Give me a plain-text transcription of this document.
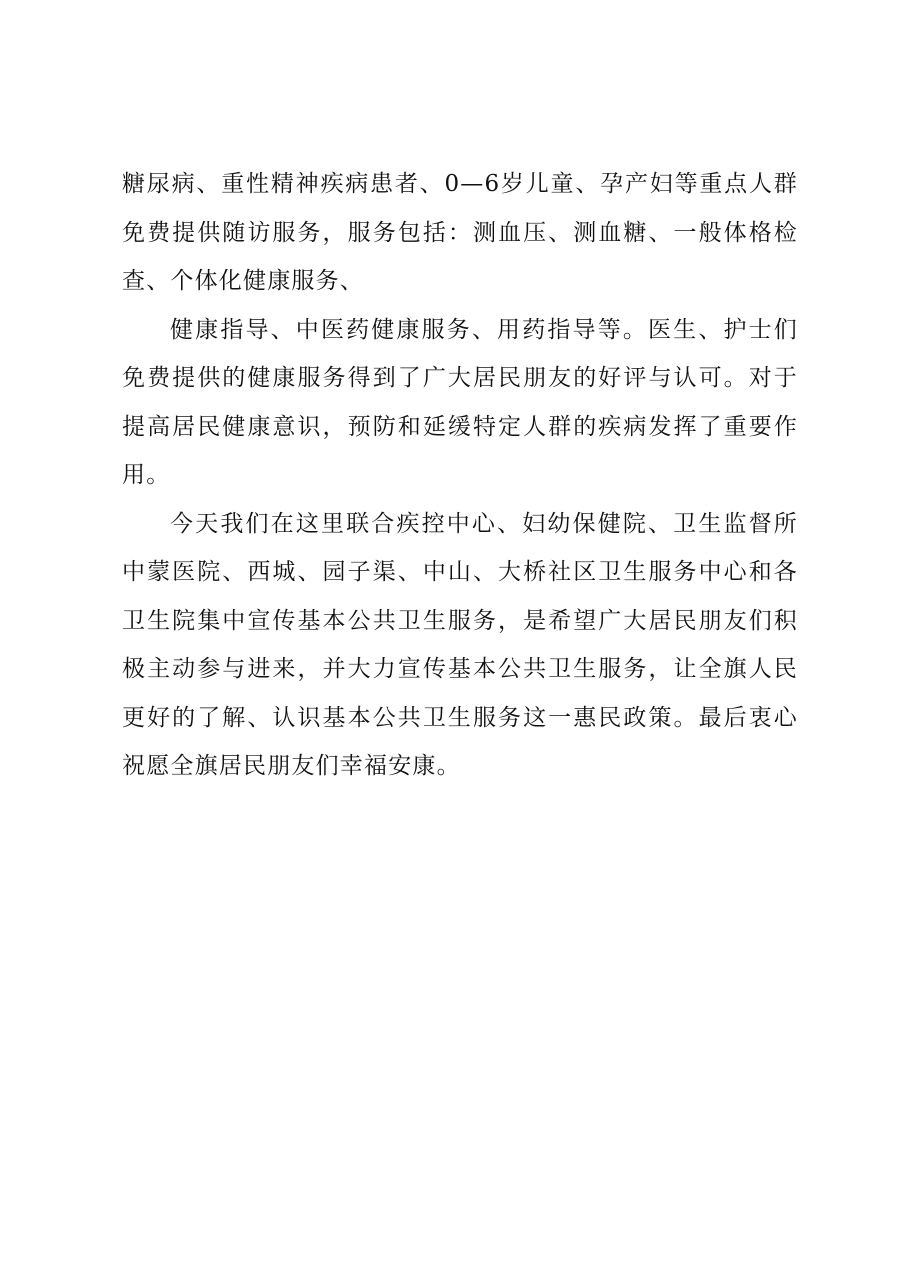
糖尿病、重性精神疾病患者、0—6岁儿童、孕产妇等重点人群免费提供随访服务，服务包括：测血压、测血糖、一般体格检查、个体化健康服务、

健康指导、中医药健康服务、用药指导等。医生、护士们免费提供的健康服务得到了广大居民朋友的好评与认可。对于提高居民健康意识，预防和延缓特定人群的疾病发挥了重要作用。

今天我们在这里联合疾控中心、妇幼保健院、卫生监督所中蒙医院、西城、园子渠、中山、大桥社区卫生服务中心和各卫生院集中宣传基本公共卫生服务，是希望广大居民朋友们积极主动参与进来，并大力宣传基本公共卫生服务，让全旗人民更好的了解、认识基本公共卫生服务这一惠民政策。最后衷心祝愿全旗居民朋友们幸福安康。
